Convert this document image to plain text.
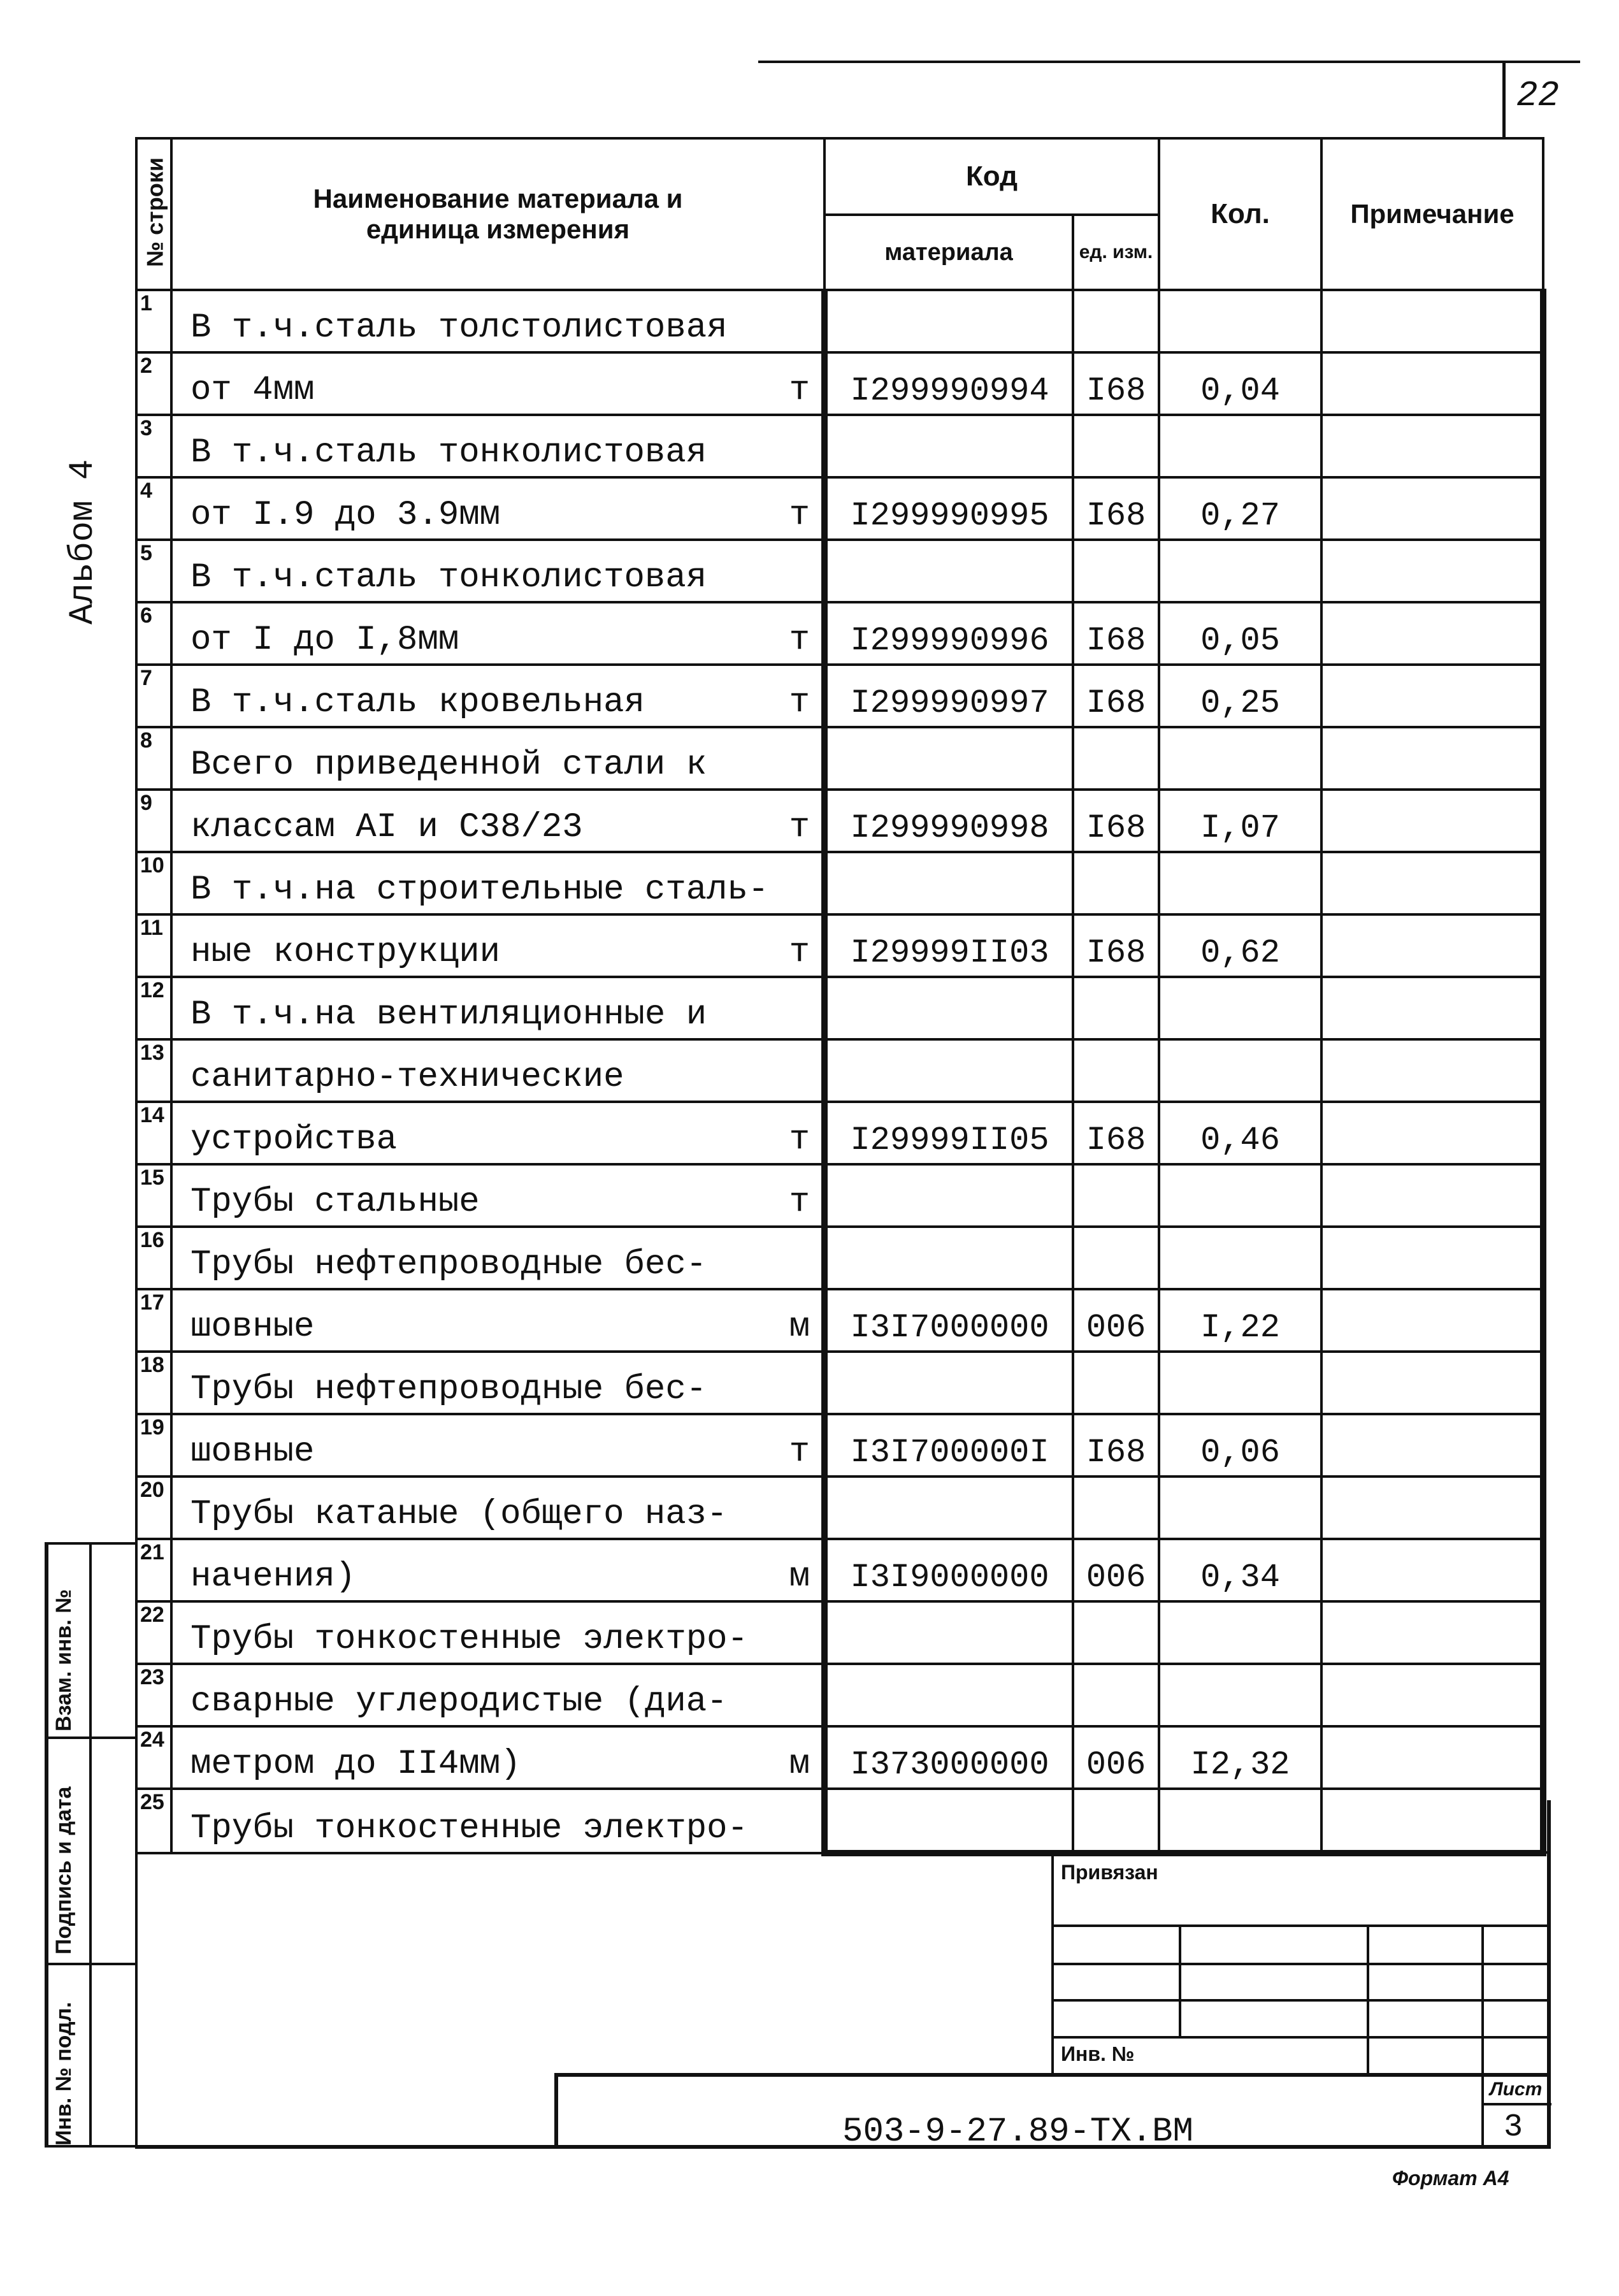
22
Альбом 4
№ строки	Наименование материала и единица измерения	Код		Кол.	Примечание
		материала	ед. изм.		
1	В т.ч.сталь толстолистовая				

2	от 4мм т	I299990994	I68	0,04	
3	В т.ч.сталь тонколистовая				

4	от I.9 до 3.9мм т	I299990995	I68	0,27	
5	В т.ч.сталь тонколистовая				

6	от I до I,8мм т	I299990996	I68	0,05	
7	В т.ч.сталь кровельная т	I299990997	I68	0,25	
8	Всего приведенной стали к				

9	классам АI и С38/23 т	I299990998	I68	I,07	
10	В т.ч.на строительные сталь-				

11	ные конструкции т	I29999II03	I68	0,62	
12	В т.ч.на вентиляционные и				

13	санитарно-технические				

14	устройства т	I29999II05	I68	0,46	
15	Трубы стальные т				

16	Трубы нефтепроводные бес-				

17	шовные м	I3I7000000	006	I,22	
18	Трубы нефтепроводные бес-				

19	шовные т	I3I700000I	I68	0,06	
20	Трубы катаные (общего наз-				

21	начения) м	I3I9000000	006	0,34	
22	Трубы тонкостенные электро-				

23	сварные углеродистые (диа-				

24	метром до II4мм) м	I373000000	006	I2,32	
25	Трубы тонкостенные электро-				

Взам. инв. №
Подпись и дата
Инв. № подл.
Привязан
Инв. №
Лист
3
503-9-27.89-ТХ.ВМ
Формат А4
